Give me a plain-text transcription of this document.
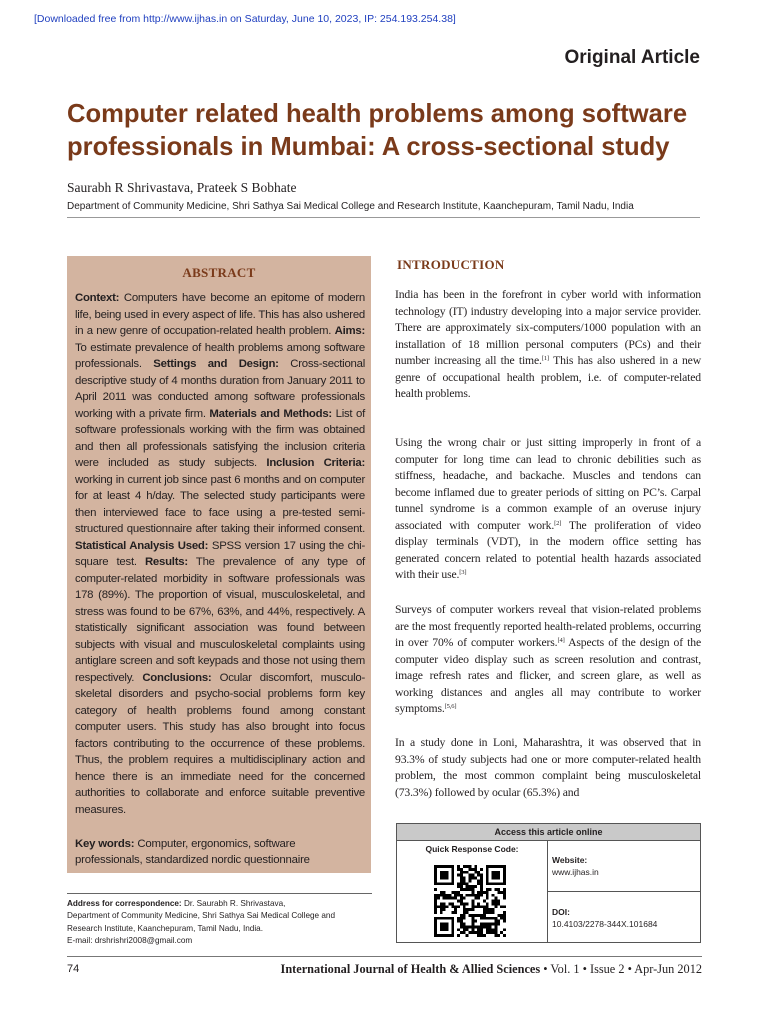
[Downloaded free from http://www.ijhas.in on Saturday, June 10, 2023, IP: 254.193.254.38]
Original Article
Computer related health problems among software professionals in Mumbai: A cross-sectional study
Saurabh R Shrivastava, Prateek S Bobhate
Department of Community Medicine, Shri Sathya Sai Medical College and Research Institute, Kaanchepuram, Tamil Nadu, India
ABSTRACT

Context: Computers have become an epitome of modern life, being used in every aspect of life. This has also ushered in a new genre of occupation-related health problem. Aims: To estimate prevalence of health problems among software professionals. Settings and Design: Cross-sectional descriptive study of 4 months duration from January 2011 to April 2011 was conducted among software professionals working with a private firm. Materials and Methods: List of software professionals working with the firm was obtained and then all professionals satisfying the inclusion criteria were included as study subjects. Inclusion Criteria: working in current job since past 6 months and on computer for at least 4 h/day. The selected study participants were then interviewed face to face using a pre-tested semi-structured questionnaire after taking their informed consent. Statistical Analysis Used: SPSS version 17 using the chi-square test. Results: The prevalence of any type of computer-related morbidity in software professionals was 178 (89%). The proportion of visual, musculoskeletal, and stress was found to be 67%, 63%, and 44%, respectively. A statistically significant association was found between subjects with visual and musculoskeletal complaints using antiglare screen and soft keypads and those not using them respectively. Conclusions: Ocular discomfort, musculo-skeletal disorders and psycho-social problems form key category of health problems found among constant computer users. This study has also brought into focus factors contributing to the occurrence of these problems. Thus, the problem requires a multidisciplinary action and hence there is an immediate need for the concerned authorities to collaborate and enforce suitable preventive measures.

Key words: Computer, ergonomics, software professionals, standardized nordic questionnaire

Address for correspondence: Dr. Saurabh R. Shrivastava,
Department of Community Medicine, Shri Sathya Sai Medical College and
Research Institute, Kaanchepuram, Tamil Nadu, India.
E-mail: drshrishri2008@gmail.com
INTRODUCTION

India has been in the forefront in cyber world with information technology (IT) industry developing into a major service provider. There are approximately six-computers/1000 population with an installation of 18 million personal computers (PCs) and their number increasing all the time.[1] This has also ushered in a new genre of occupational health problem, i.e. of computer-related health problems.

Using the wrong chair or just sitting improperly in front of a computer for long time can lead to chronic debilities such as stiffness, headache, and backache. Muscles and tendons can become inflamed due to greater periods of sitting on PC’s. Carpal tunnel syndrome is a common example of an overuse injury associated with computer work.[2] The proliferation of video display terminals (VDT), in the modern office setting has generated concern related to potential health hazards associated with their use.[3]

Surveys of computer workers reveal that vision-related problems are the most frequently reported health-related problems, occurring in over 70% of computer workers.[4] Aspects of the design of the computer video display such as screen resolution and contrast, image refresh rates and flicker, and screen glare, as well as working distances and angles all may contribute to worker symptoms.[5,6]

In a study done in Loni, Maharashtra, it was observed that in 93.3% of study subjects had one or more computer-related health problem, the most common complaint being musculoskeletal (73.3%) followed by ocular (65.3%) and

Access this article online
Quick Response Code:
Website:
www.ijhas.in
DOI:
10.4103/2278-344X.101684
74	International Journal of Health & Allied Sciences • Vol. 1 • Issue 2 • Apr-Jun 2012
